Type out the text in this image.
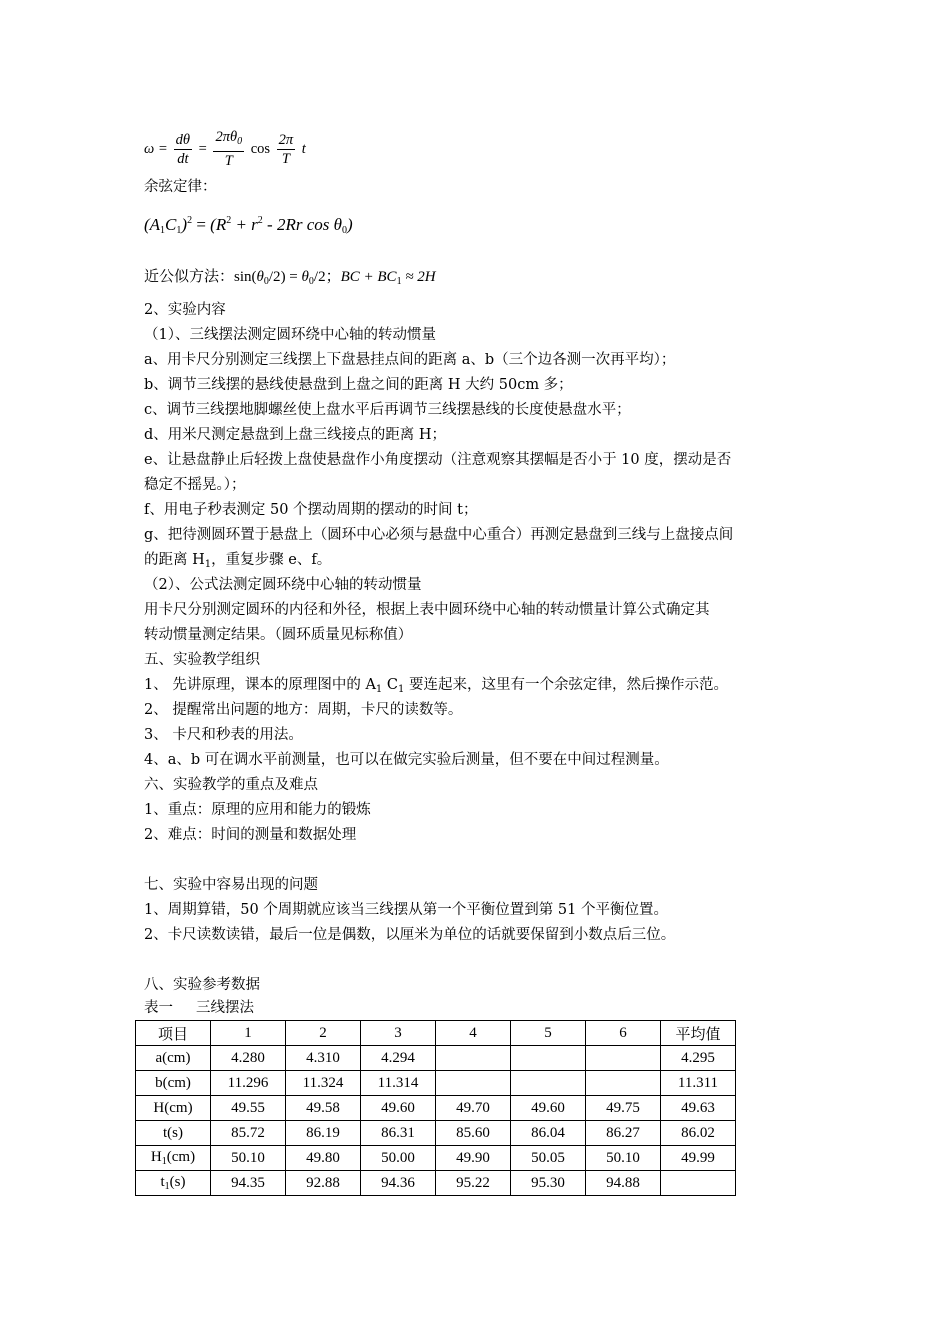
$\omega = \frac{d\theta}{dt} = \frac{2\pi\theta_0}{T}$ $\cos \frac{2\pi}{T}$ t
余弦定律：
$(A_1C_1)^2 = (R^2 + r^2 - 2Rr$ $\cos \theta_0$)
近公似方法：$\sin(\theta_0/2) = \theta_0/2$；BC + $BC_1 \approx 2H$
2、实验内容
（1）、三线摆法测定圆环绕中心轴的转动惯量
a、用卡尺分别测定三线摆上下盘悬挂点间的距离 a、b（三个边各测一次再平均）；
b、调节三线摆的悬线使悬盘到上盘之间的距离 H 大约 50cm 多；
c、调节三线摆地脚螺丝使上盘水平后再调节三线摆悬线的长度使悬盘水平；
d、用米尺测定悬盘到上盘三线接点的距离 H；
e、让悬盘静止后轻拨上盘使悬盘作小角度摆动（注意观察其摆幅是否小于 10 度，摆动是否
稳定不摇晃。）；
f、用电子秒表测定 50 个摆动周期的摆动的时间 t；
g、把待测圆环置于悬盘上（圆环中心必须与悬盘中心重合）再测定悬盘到三线与上盘接点间
的距离 $H_1$，重复步骤 e、f。
（2）、公式法测定圆环绕中心轴的转动惯量
用卡尺分别测定圆环的内径和外径，根据上表中圆环绕中心轴的转动惯量计算公式确定其
转动惯量测定结果。（圆环质量见标称值）
五、实验教学组织
1、 先讲原理，课本的原理图中的 $A_1$ $C_1$ 要连起来，这里有一个余弦定律，然后操作示范。
2、 提醒常出问题的地方：周期，卡尺的读数等。
3、 卡尺和秒表的用法。
4、a、b 可在调水平前测量，也可以在做完实验后测量，但不要在中间过程测量。
六、实验教学的重点及难点
1、重点：原理的应用和能力的锻炼
2、难点：时间的测量和数据处理
七、实验中容易出现的问题
1、周期算错，50 个周期就应该当三线摆从第一个平衡位置到第 51 个平衡位置。
2、卡尺读数读错，最后一位是偶数，以厘米为单位的话就要保留到小数点后三位。
八、实验参考数据
表一     三线摆法
项目	1	2	3	4	5	6	平均值
a(cm)	4.280	4.310	4.294				4.295
b(cm)	11.296	11.324	11.314				11.311
H(cm)	49.55	49.58	49.60	49.70	49.60	49.75	49.63
t(s)	85.72	86.19	86.31	85.60	86.04	86.27	86.02
$H_1(cm)$	50.10	49.80	50.00	49.90	50.05	50.10	49.99
$t_1(s)$	94.35	92.88	94.36	95.22	95.30	94.88	
